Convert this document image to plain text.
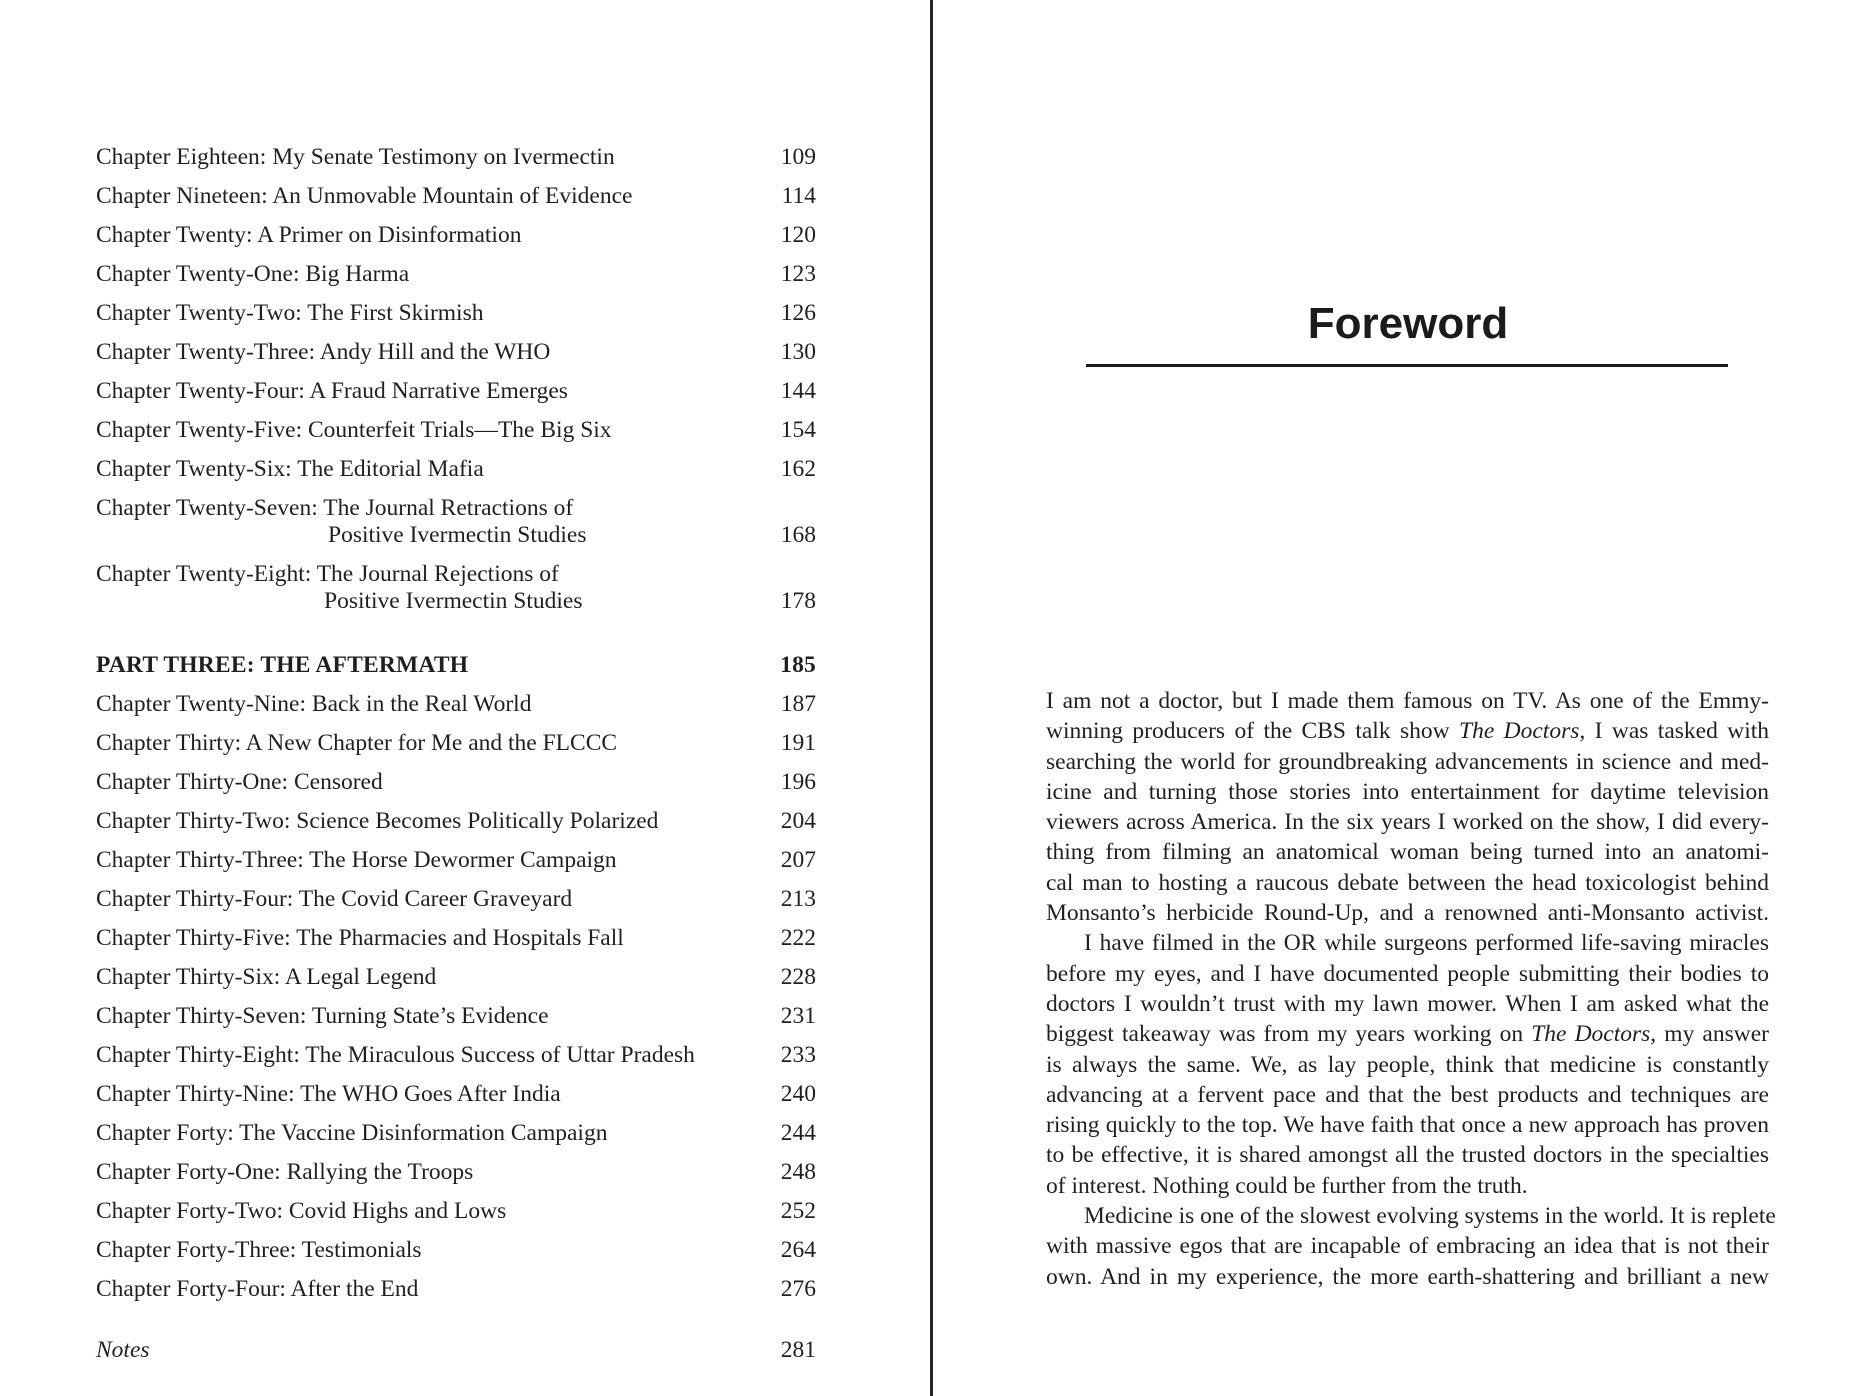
Chapter Eighteen: My Senate Testimony on Ivermectin	109
Chapter Nineteen: An Unmovable Mountain of Evidence	114
Chapter Twenty: A Primer on Disinformation	120
Chapter Twenty-One: Big Harma	123
Chapter Twenty-Two: The First Skirmish	126
Chapter Twenty-Three: Andy Hill and the WHO	130
Chapter Twenty-Four: A Fraud Narrative Emerges	144
Chapter Twenty-Five: Counterfeit Trials—The Big Six	154
Chapter Twenty-Six: The Editorial Mafia	162
Chapter Twenty-Seven: The Journal Retractions of
Positive Ivermectin Studies	168
Chapter Twenty-Eight: The Journal Rejections of
Positive Ivermectin Studies	178
PART THREE: THE AFTERMATH	185
Chapter Twenty-Nine: Back in the Real World	187
Chapter Thirty: A New Chapter for Me and the FLCCC	191
Chapter Thirty-One: Censored	196
Chapter Thirty-Two: Science Becomes Politically Polarized	204
Chapter Thirty-Three: The Horse Dewormer Campaign	207
Chapter Thirty-Four: The Covid Career Graveyard	213
Chapter Thirty-Five: The Pharmacies and Hospitals Fall	222
Chapter Thirty-Six: A Legal Legend	228
Chapter Thirty-Seven: Turning State’s Evidence	231
Chapter Thirty-Eight: The Miraculous Success of Uttar Pradesh	233
Chapter Thirty-Nine: The WHO Goes After India	240
Chapter Forty: The Vaccine Disinformation Campaign	244
Chapter Forty-One: Rallying the Troops	248
Chapter Forty-Two: Covid Highs and Lows	252
Chapter Forty-Three: Testimonials	264
Chapter Forty-Four: After the End	276
Notes	281
Foreword
I am not a doctor, but I made them famous on TV. As one of the Emmy-
winning producers of the CBS talk show The Doctors, I was tasked with
searching the world for groundbreaking advancements in science and med-
icine and turning those stories into entertainment for daytime television
viewers across America. In the six years I worked on the show, I did every-
thing from filming an anatomical woman being turned into an anatomi-
cal man to hosting a raucous debate between the head toxicologist behind
Monsanto’s herbicide Round-Up, and a renowned anti-Monsanto activist.
I have filmed in the OR while surgeons performed life-saving miracles
before my eyes, and I have documented people submitting their bodies to
doctors I wouldn’t trust with my lawn mower. When I am asked what the
biggest takeaway was from my years working on The Doctors, my answer
is always the same. We, as lay people, think that medicine is constantly
advancing at a fervent pace and that the best products and techniques are
rising quickly to the top. We have faith that once a new approach has proven
to be effective, it is shared amongst all the trusted doctors in the specialties
of interest. Nothing could be further from the truth.
Medicine is one of the slowest evolving systems in the world. It is replete
with massive egos that are incapable of embracing an idea that is not their
own. And in my experience, the more earth-shattering and brilliant a new
